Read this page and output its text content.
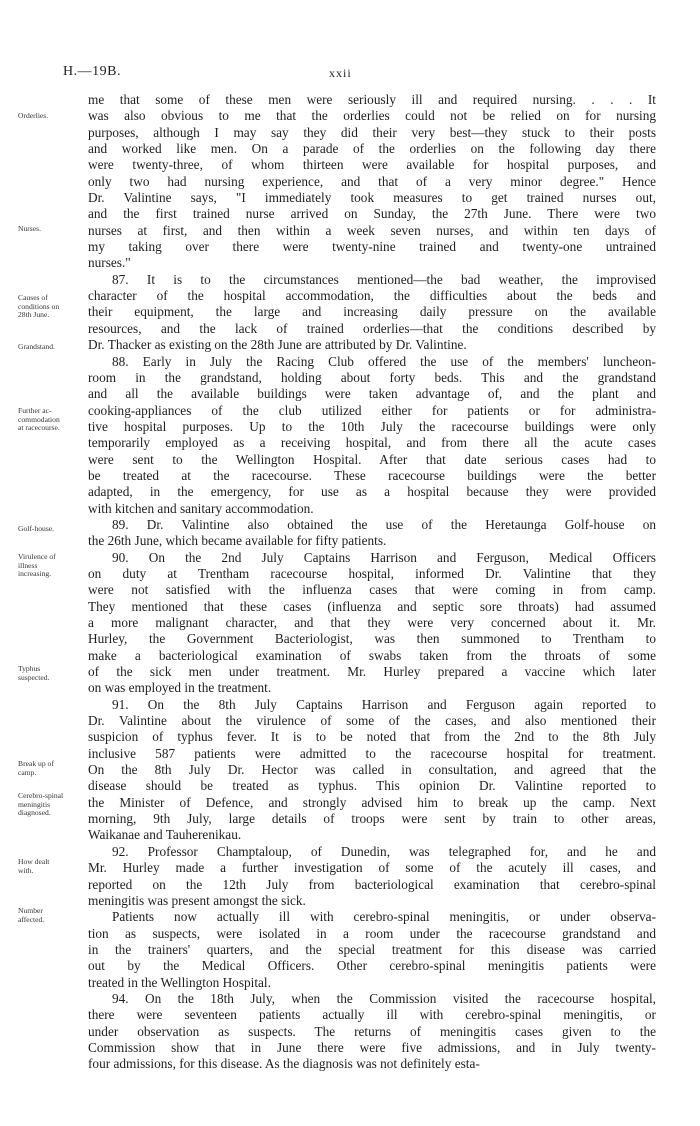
H.—19B.	xxii
Orderlies.
Nurses.
Causes of
conditions on
28th June.
Grandstand.
Further ac-
commodation
at racecourse.
Golf-house.
Virulence of
illness
increasing.
Typhus
suspected.
Break up of
camp.
Cerebro-spinal
meningitis
diagnosed.
How dealt
with.
Number
affected.
me that some of these men were seriously ill and required nursing. . . . It
was also obvious to me that the orderlies could not be relied on for nursing
purposes, although I may say they did their very best—they stuck to their posts
and worked like men. On a parade of the orderlies on the following day there
were twenty-three, of whom thirteen were available for hospital purposes, and
only two had nursing experience, and that of a very minor degree." Hence
Dr. Valintine says, "I immediately took measures to get trained nurses out,
and the first trained nurse arrived on Sunday, the 27th June. There were two
nurses at first, and then within a week seven nurses, and within ten days of
my taking over there were twenty-nine trained and twenty-one untrained
nurses."
87. It is to the circumstances mentioned—the bad weather, the improvised
character of the hospital accommodation, the difficulties about the beds and
their equipment, the large and increasing daily pressure on the available
resources, and the lack of trained orderlies—that the conditions described by
Dr. Thacker as existing on the 28th June are attributed by Dr. Valintine.
88. Early in July the Racing Club offered the use of the members' luncheon-
room in the grandstand, holding about forty beds. This and the grandstand
and all the available buildings were taken advantage of, and the plant and
cooking-appliances of the club utilized either for patients or for administra-
tive hospital purposes. Up to the 10th July the racecourse buildings were only
temporarily employed as a receiving hospital, and from there all the acute cases
were sent to the Wellington Hospital. After that date serious cases had to
be treated at the racecourse. These racecourse buildings were the better
adapted, in the emergency, for use as a hospital because they were provided
with kitchen and sanitary accommodation.
89. Dr. Valintine also obtained the use of the Heretaunga Golf-house on
the 26th June, which became available for fifty patients.
90. On the 2nd July Captains Harrison and Ferguson, Medical Officers
on duty at Trentham racecourse hospital, informed Dr. Valintine that they
were not satisfied with the influenza cases that were coming in from camp.
They mentioned that these cases (influenza and septic sore throats) had assumed
a more malignant character, and that they were very concerned about it. Mr.
Hurley, the Government Bacteriologist, was then summoned to Trentham to
make a bacteriological examination of swabs taken from the throats of some
of the sick men under treatment. Mr. Hurley prepared a vaccine which later
on was employed in the treatment.
91. On the 8th July Captains Harrison and Ferguson again reported to
Dr. Valintine about the virulence of some of the cases, and also mentioned their
suspicion of typhus fever. It is to be noted that from the 2nd to the 8th July
inclusive 587 patients were admitted to the racecourse hospital for treatment.
On the 8th July Dr. Hector was called in consultation, and agreed that the
disease should be treated as typhus. This opinion Dr. Valintine reported to
the Minister of Defence, and strongly advised him to break up the camp. Next
morning, 9th July, large details of troops were sent by train to other areas,
Waikanae and Tauherenikau.
92. Professor Champtaloup, of Dunedin, was telegraphed for, and he and
Mr. Hurley made a further investigation of some of the acutely ill cases, and
reported on the 12th July from bacteriological examination that cerebro-spinal
meningitis was present amongst the sick.
Patients now actually ill with cerebro-spinal meningitis, or under observa-
tion as suspects, were isolated in a room under the racecourse grandstand and
in the trainers' quarters, and the special treatment for this disease was carried
out by the Medical Officers. Other cerebro-spinal meningitis patients were
treated in the Wellington Hospital.
94. On the 18th July, when the Commission visited the racecourse hospital,
there were seventeen patients actually ill with cerebro-spinal meningitis, or
under observation as suspects. The returns of meningitis cases given to the
Commission show that in June there were five admissions, and in July twenty-
four admissions, for this disease. As the diagnosis was not definitely esta-
